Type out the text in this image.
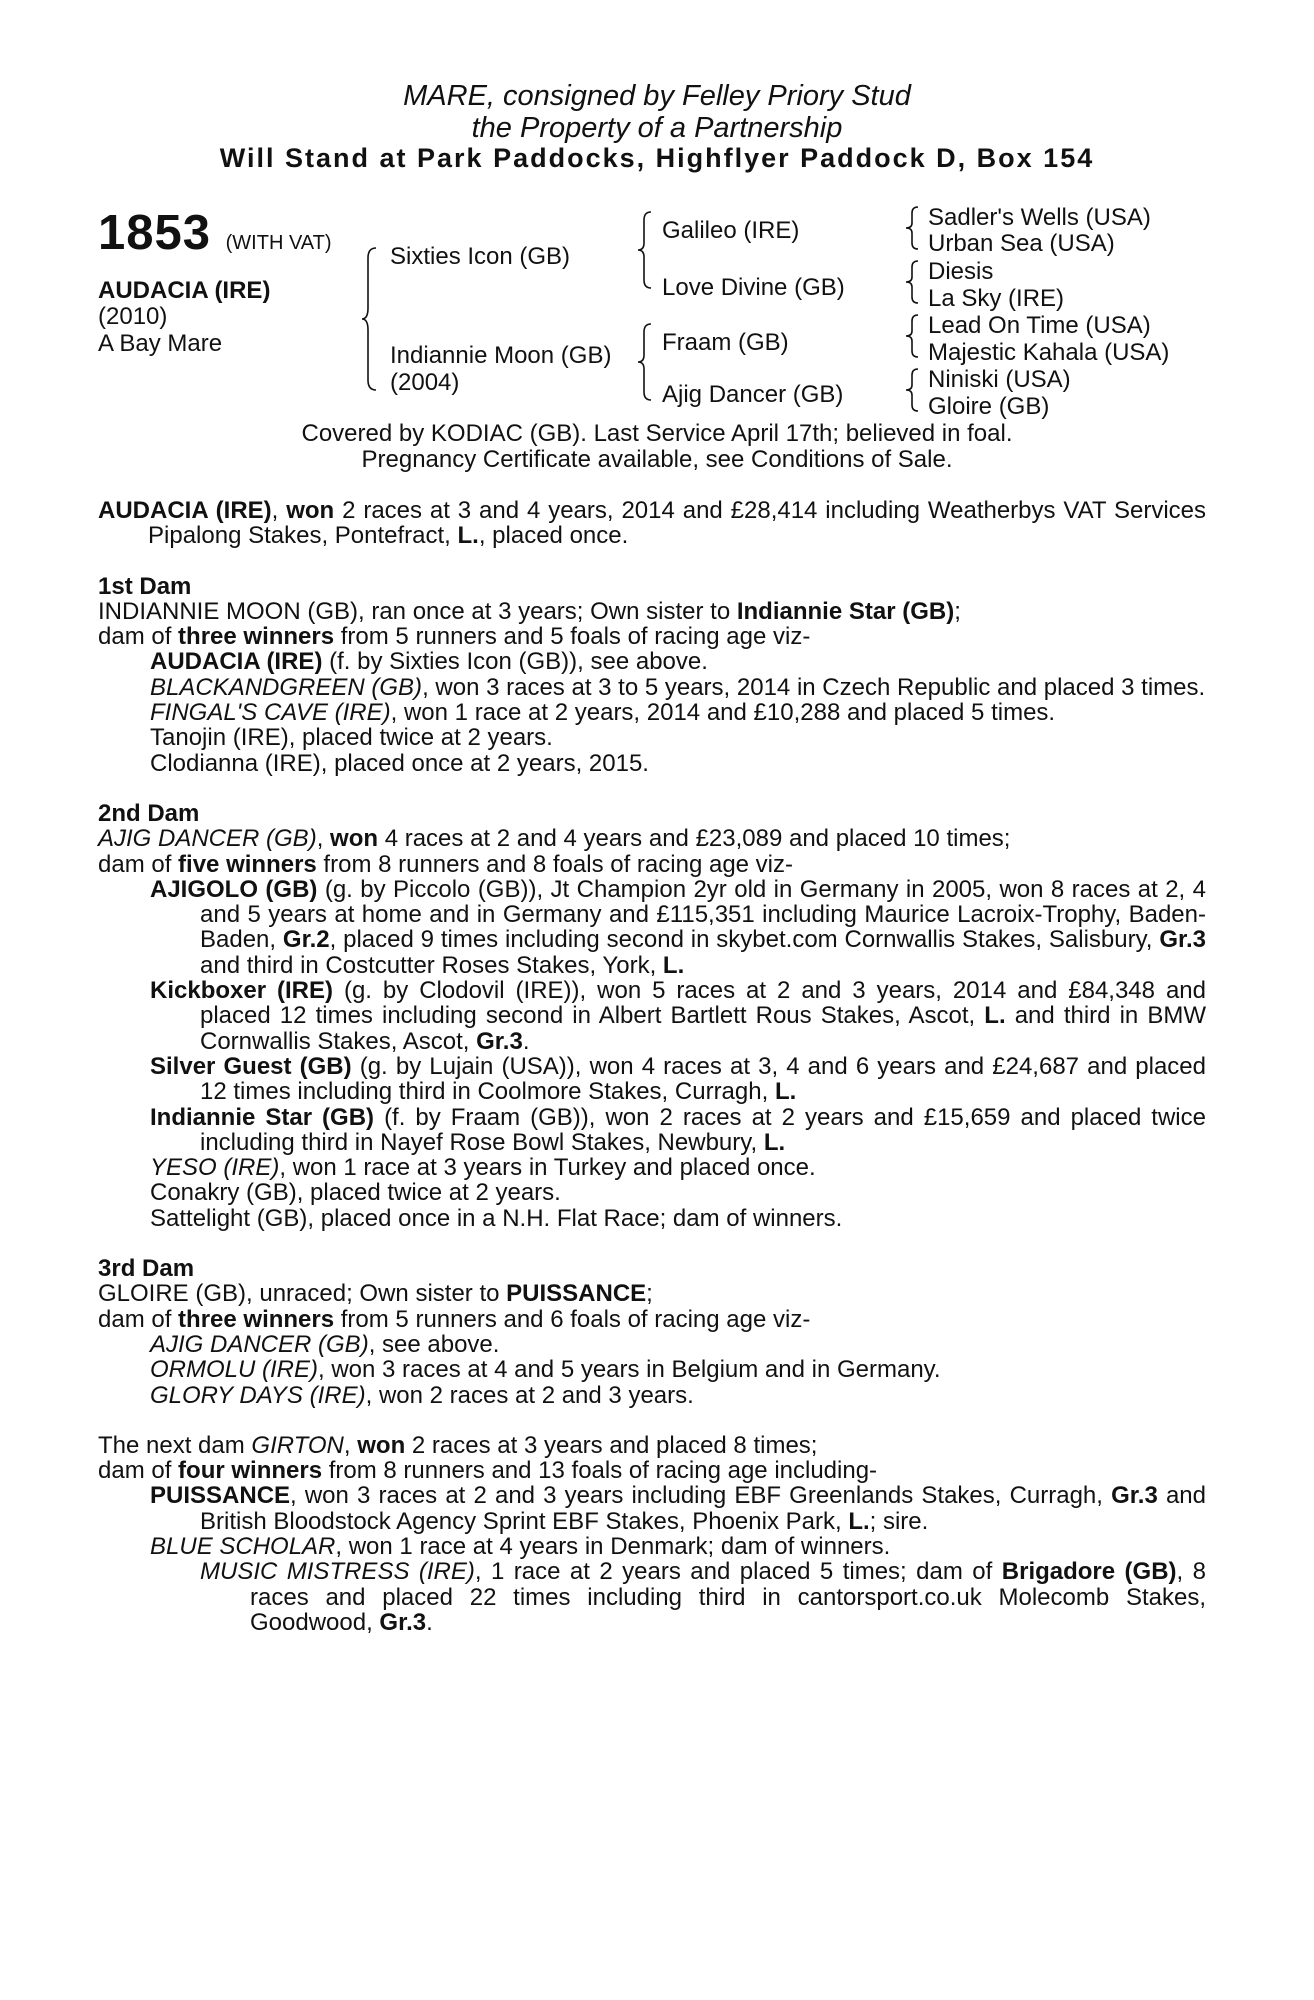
MARE, consigned by Felley Priory Stud
the Property of a Partnership
Will Stand at Park Paddocks, Highflyer Paddock D, Box 154
1853 (WITH VAT)
AUDACIA (IRE)
(2010)
A Bay Mare
Sixties Icon (GB)
Indiannie Moon (GB)
(2004)
Galileo (IRE)
Love Divine (GB)
Fraam (GB)
Ajig Dancer (GB)
Sadler's Wells (USA)
Urban Sea (USA)
Diesis
La Sky (IRE)
Lead On Time (USA)
Majestic Kahala (USA)
Niniski (USA)
Gloire (GB)
Covered by KODIAC (GB). Last Service April 17th; believed in foal.
Pregnancy Certificate available, see Conditions of Sale.

AUDACIA (IRE), won 2 races at 3 and 4 years, 2014 and £28,414 including Weatherbys VAT Services Pipalong Stakes, Pontefract, L., placed once.

1st Dam

INDIANNIE MOON (GB), ran once at 3 years; Own sister to Indiannie Star (GB);

dam of three winners from 5 runners and 5 foals of racing age viz-

AUDACIA (IRE) (f. by Sixties Icon (GB)), see above.

BLACKANDGREEN (GB), won 3 races at 3 to 5 years, 2014 in Czech Republic and placed 3 times.

FINGAL'S CAVE (IRE), won 1 race at 2 years, 2014 and £10,288 and placed 5 times.

Tanojin (IRE), placed twice at 2 years.

Clodianna (IRE), placed once at 2 years, 2015.

2nd Dam

AJIG DANCER (GB), won 4 races at 2 and 4 years and £23,089 and placed 10 times;

dam of five winners from 8 runners and 8 foals of racing age viz-

AJIGOLO (GB) (g. by Piccolo (GB)), Jt Champion 2yr old in Germany in 2005, won 8 races at 2, 4 and 5 years at home and in Germany and £115,351 including Maurice Lacroix-Trophy, Baden-Baden, Gr.2, placed 9 times including second in skybet.com Cornwallis Stakes, Salisbury, Gr.3 and third in Costcutter Roses Stakes, York, L.

Kickboxer (IRE) (g. by Clodovil (IRE)), won 5 races at 2 and 3 years, 2014 and £84,348 and placed 12 times including second in Albert Bartlett Rous Stakes, Ascot, L. and third in BMW Cornwallis Stakes, Ascot, Gr.3.

Silver Guest (GB) (g. by Lujain (USA)), won 4 races at 3, 4 and 6 years and £24,687 and placed 12 times including third in Coolmore Stakes, Curragh, L.

Indiannie Star (GB) (f. by Fraam (GB)), won 2 races at 2 years and £15,659 and placed twice including third in Nayef Rose Bowl Stakes, Newbury, L.

YESO (IRE), won 1 race at 3 years in Turkey and placed once.

Conakry (GB), placed twice at 2 years.

Sattelight (GB), placed once in a N.H. Flat Race; dam of winners.

3rd Dam

GLOIRE (GB), unraced; Own sister to PUISSANCE;

dam of three winners from 5 runners and 6 foals of racing age viz-

AJIG DANCER (GB), see above.

ORMOLU (IRE), won 3 races at 4 and 5 years in Belgium and in Germany.

GLORY DAYS (IRE), won 2 races at 2 and 3 years.

The next dam GIRTON, won 2 races at 3 years and placed 8 times;

dam of four winners from 8 runners and 13 foals of racing age including-

PUISSANCE, won 3 races at 2 and 3 years including EBF Greenlands Stakes, Curragh, Gr.3 and British Bloodstock Agency Sprint EBF Stakes, Phoenix Park, L.; sire.

BLUE SCHOLAR, won 1 race at 4 years in Denmark; dam of winners.

MUSIC MISTRESS (IRE), 1 race at 2 years and placed 5 times; dam of Brigadore (GB), 8 races and placed 22 times including third in cantorsport.co.uk Molecomb Stakes, Goodwood, Gr.3.
